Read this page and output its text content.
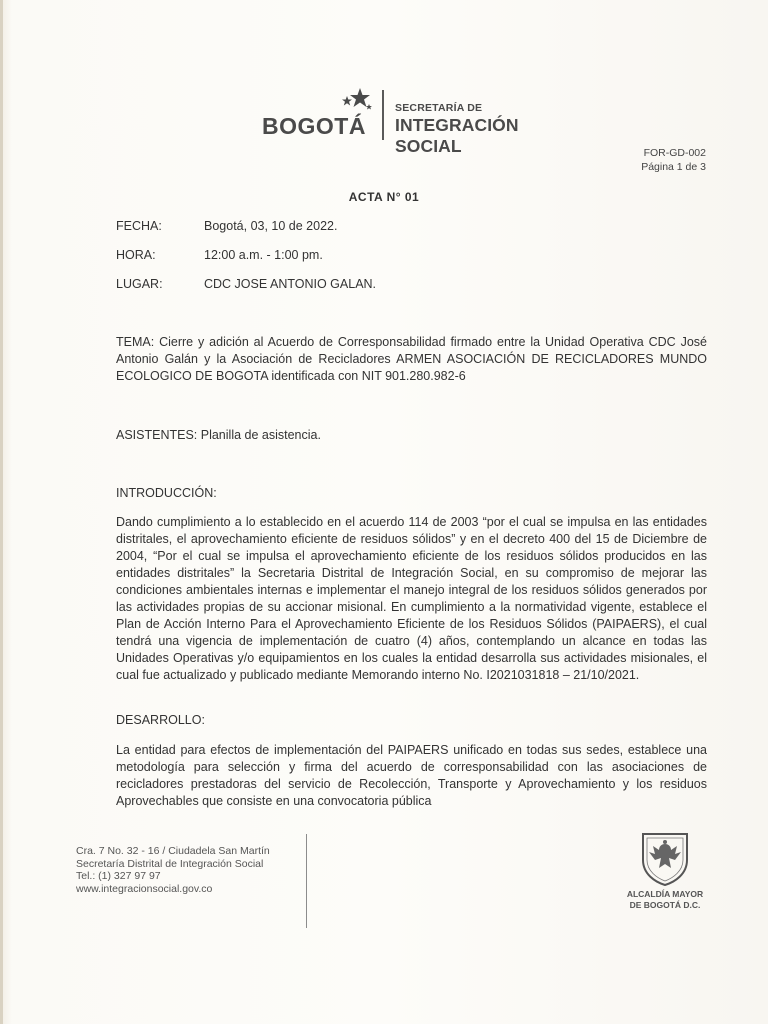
BOGOTÁ
SECRETARÍA DE
INTEGRACIÓN SOCIAL	FOR-GD-002
Página 1 de 3
ACTA N° 01
FECHA:	Bogotá, 03, 10 de 2022.
HORA:	12:00 a.m. - 1:00 pm.
LUGAR:	CDC JOSE ANTONIO GALAN.
TEMA: Cierre y adición al Acuerdo de Corresponsabilidad firmado entre la Unidad Operativa CDC José Antonio Galán y la Asociación de Recicladores ARMEN ASOCIACIÓN DE RECICLADORES MUNDO ECOLOGICO DE BOGOTA identificada con NIT 901.280.982-6
ASISTENTES: Planilla de asistencia.
INTRODUCCIÓN:
Dando cumplimiento a lo establecido en el acuerdo 114 de 2003 “por el cual se impulsa en las entidades distritales, el aprovechamiento eficiente de residuos sólidos” y en el decreto 400 del 15 de Diciembre de 2004, “Por el cual se impulsa el aprovechamiento eficiente de los residuos sólidos producidos en las entidades distritales” la Secretaria Distrital de Integración Social, en su compromiso de mejorar las condiciones ambientales internas e implementar el manejo integral de los residuos sólidos generados por las actividades propias de su accionar misional. En cumplimiento a la normatividad vigente, establece el Plan de Acción Interno Para el Aprovechamiento Eficiente de los Residuos Sólidos (PAIPAERS), el cual tendrá una vigencia de implementación de cuatro (4) años, contemplando un alcance en todas las Unidades Operativas y/o equipamientos en los cuales la entidad desarrolla sus actividades misionales, el cual fue actualizado y publicado mediante Memorando interno No. I2021031818 – 21/10/2021.
DESARROLLO:
La entidad para efectos de implementación del PAIPAERS unificado en todas sus sedes, establece una metodología para selección y firma del acuerdo de corresponsabilidad con las asociaciones de recicladores prestadoras del servicio de Recolección, Transporte y Aprovechamiento y los residuos Aprovechables que consiste en una convocatoria pública
Cra. 7 No. 32 - 16 / Ciudadela San Martín
Secretaría Distrital de Integración Social
Tel.: (1) 327 97 97
www.integracionsocial.gov.co	ALCALDÍA MAYOR
DE BOGOTÁ D.C.
